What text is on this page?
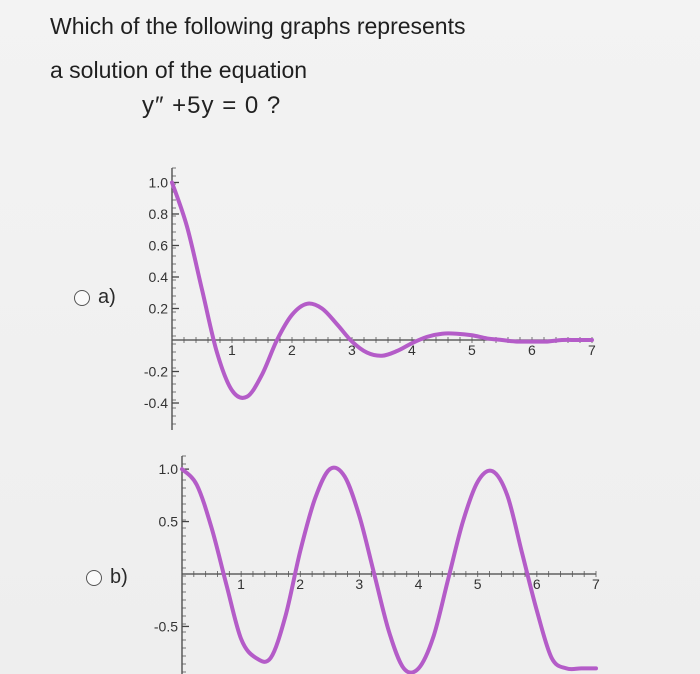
Which of the following graphs represents
a solution of the equation
y″ +5y = 0 ?
a)
b)
1	2	3	4	5	6	7
1.0
0.8
0.6
0.4
0.2
-0.2
-0.4
1	2	3	4	5	6	7
1.0
0.5
-0.5
